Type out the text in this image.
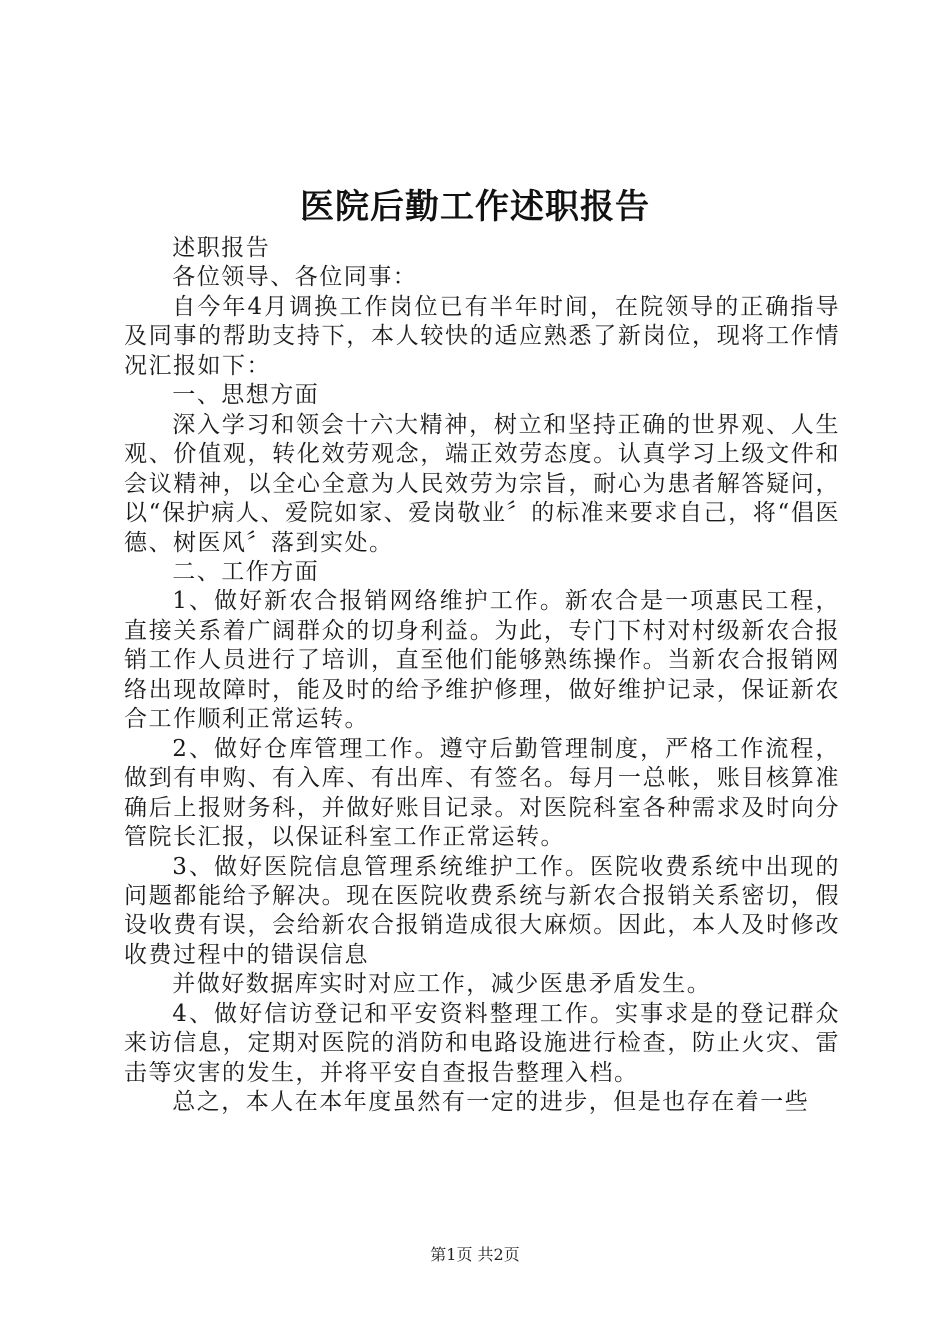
医院后勤工作述职报告

述职报告

各位领导、各位同事：

自今年4月调换工作岗位已有半年时间，在院领导的正确指导及同事的帮助支持下，本人较快的适应熟悉了新岗位，现将工作情况汇报如下：

一、思想方面

深入学习和领会十六大精神，树立和坚持正确的世界观、人生观、价值观，转化效劳观念，端正效劳态度。认真学习上级文件和会议精神，以全心全意为人民效劳为宗旨，耐心为患者解答疑问，以“保护病人、爱院如家、爱岗敬业〞的标准来要求自己，将“倡医德、树医风〞落到实处。

二、工作方面

1、做好新农合报销网络维护工作。新农合是一项惠民工程，直接关系着广阔群众的切身利益。为此，专门下村对村级新农合报销工作人员进行了培训，直至他们能够熟练操作。当新农合报销网络出现故障时，能及时的给予维护修理，做好维护记录，保证新农合工作顺利正常运转。

2、做好仓库管理工作。遵守后勤管理制度，严格工作流程，做到有申购、有入库、有出库、有签名。每月一总帐，账目核算准确后上报财务科，并做好账目记录。对医院科室各种需求及时向分管院长汇报，以保证科室工作正常运转。

3、做好医院信息管理系统维护工作。医院收费系统中出现的问题都能给予解决。现在医院收费系统与新农合报销关系密切，假设收费有误，会给新农合报销造成很大麻烦。因此，本人及时修改收费过程中的错误信息

并做好数据库实时对应工作，减少医患矛盾发生。

4、做好信访登记和平安资料整理工作。实事求是的登记群众来访信息，定期对医院的消防和电路设施进行检查，防止火灾、雷击等灾害的发生，并将平安自查报告整理入档。

总之，本人在本年度虽然有一定的进步，但是也存在着一些

第1页 共2页
